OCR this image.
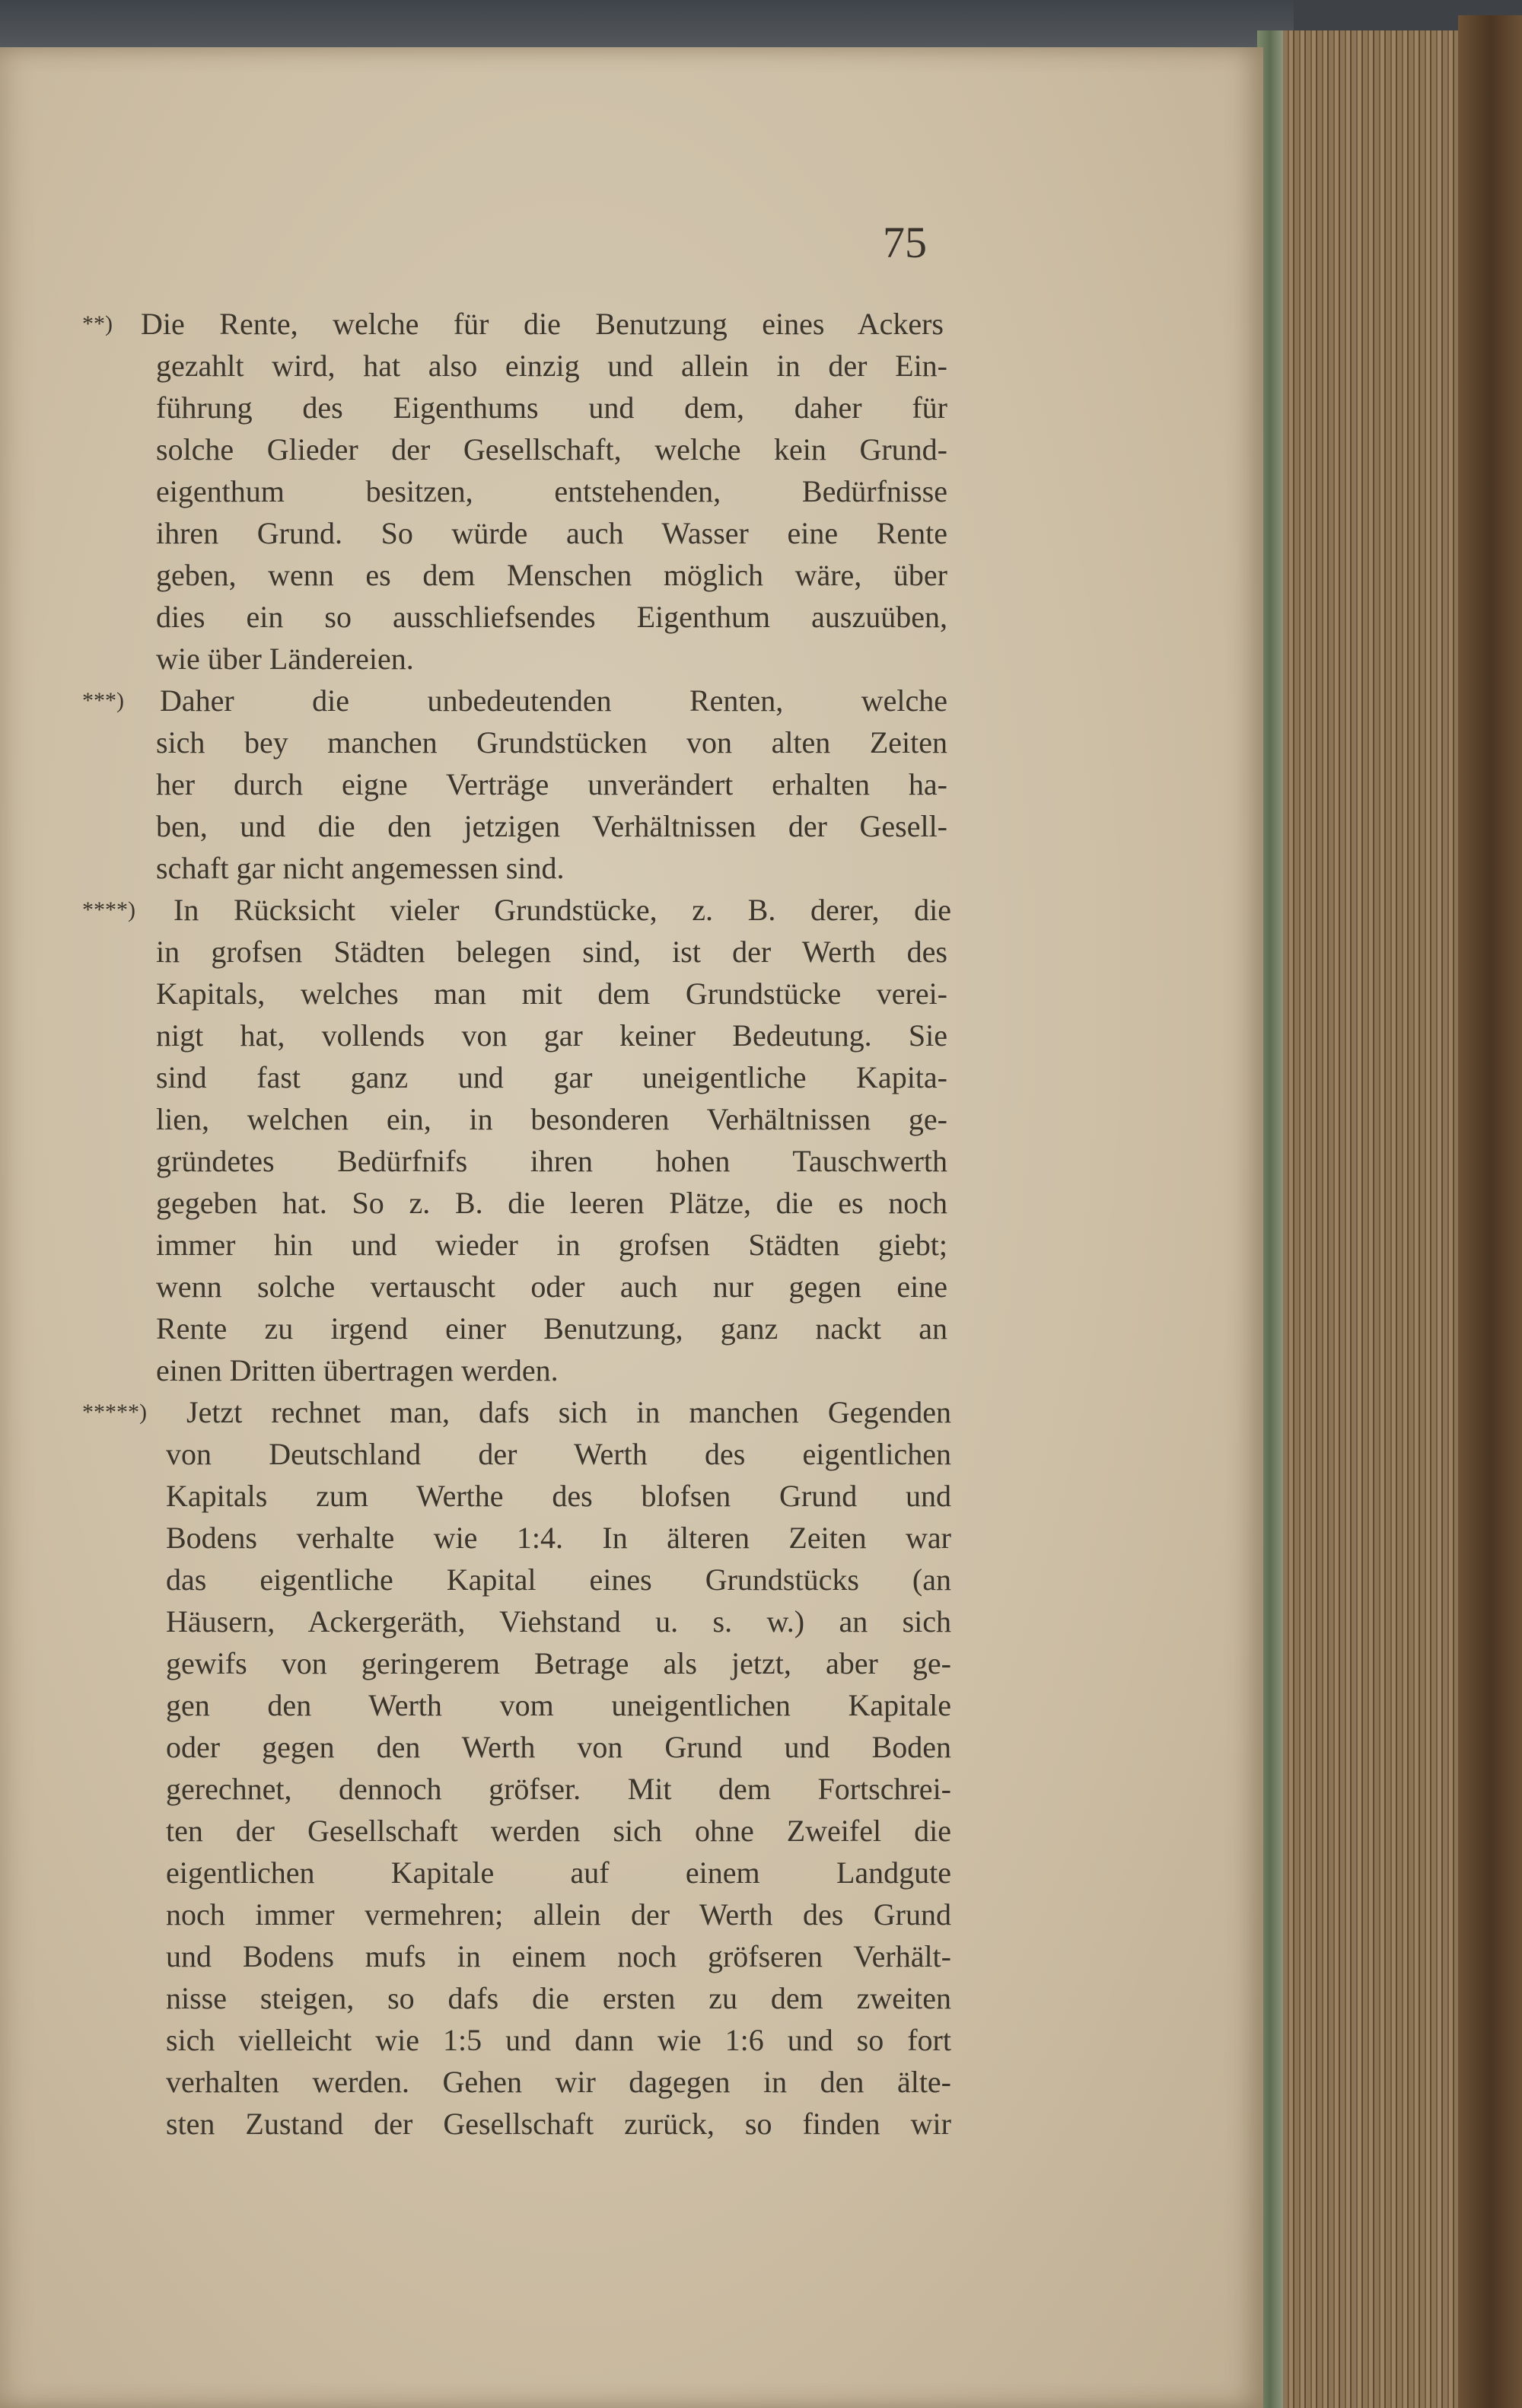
75
**) Die Rente, welche für die Benutzung eines Ackers
gezahlt wird, hat also einzig und allein in der Ein-
führung des Eigenthums und dem, daher für
solche Glieder der Gesellschaft, welche kein Grund-
eigenthum besitzen, entstehenden, Bedürfnisse
ihren Grund. So würde auch Wasser eine Rente
geben, wenn es dem Menschen möglich wäre, über
dies ein so ausschliefsendes Eigenthum auszuüben,
wie über Ländereien.
***) Daher die unbedeutenden Renten, welche
sich bey manchen Grundstücken von alten Zeiten
her durch eigne Verträge unverändert erhalten ha-
ben, und die den jetzigen Verhältnissen der Gesell-
schaft gar nicht angemessen sind.
****) In Rücksicht vieler Grundstücke, z. B. derer, die
in grofsen Städten belegen sind, ist der Werth des
Kapitals, welches man mit dem Grundstücke verei-
nigt hat, vollends von gar keiner Bedeutung. Sie
sind fast ganz und gar uneigentliche Kapita-
lien, welchen ein, in besonderen Verhältnissen ge-
gründetes Bedürfnifs ihren hohen Tauschwerth
gegeben hat. So z. B. die leeren Plätze, die es noch
immer hin und wieder in grofsen Städten giebt;
wenn solche vertauscht oder auch nur gegen eine
Rente zu irgend einer Benutzung, ganz nackt an
einen Dritten übertragen werden.
*****) Jetzt rechnet man, dafs sich in manchen Gegenden
von Deutschland der Werth des eigentlichen
Kapitals zum Werthe des blofsen Grund und
Bodens verhalte wie 1:4. In älteren Zeiten war
das eigentliche Kapital eines Grundstücks (an
Häusern, Ackergeräth, Viehstand u. s. w.) an sich
gewifs von geringerem Betrage als jetzt, aber ge-
gen den Werth vom uneigentlichen Kapitale
oder gegen den Werth von Grund und Boden
gerechnet, dennoch gröfser. Mit dem Fortschrei-
ten der Gesellschaft werden sich ohne Zweifel die
eigentlichen Kapitale auf einem Landgute
noch immer vermehren; allein der Werth des Grund
und Bodens mufs in einem noch gröfseren Verhält-
nisse steigen, so dafs die ersten zu dem zweiten
sich vielleicht wie 1:5 und dann wie 1:6 und so fort
verhalten werden. Gehen wir dagegen in den älte-
sten Zustand der Gesellschaft zurück, so finden wir
